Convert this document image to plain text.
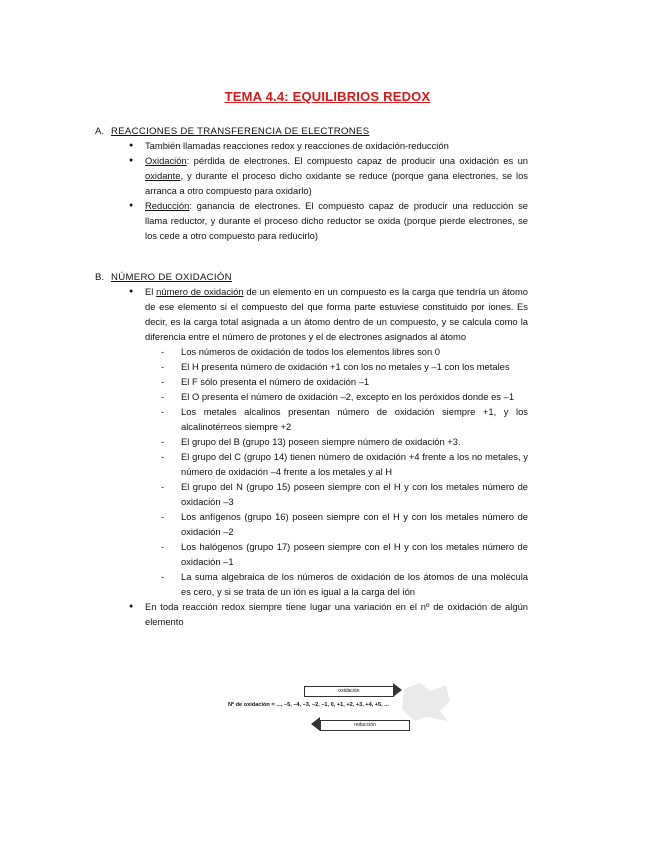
TEMA 4.4: EQUILIBRIOS REDOX
A. REACCIONES DE TRANSFERENCIA DE ELECTRONES
● También llamadas reacciones redox y reacciones de oxidación-reducción
● Oxidación: pérdida de electrones. El compuesto capaz de producir una oxidación es un oxidante, y durante el proceso dicho oxidante se reduce (porque gana electrones, se los arranca a otro compuesto para oxidarlo)
● Reducción: ganancia de electrones. El compuesto capaz de producir una reducción se llama reductor, y durante el proceso dicho reductor se oxida (porque pierde electrones, se los cede a otro compuesto para reducirlo)
B. NÚMERO DE OXIDACIÓN
● El número de oxidación de un elemento en un compuesto es la carga que tendría un átomo de ese elemento si el compuesto del que forma parte estuviese constituido por iones. Es decir, es la carga total asignada a un átomo dentro de un compuesto, y se calcula como la diferencia entre el número de protones y el de electrones asignados al átomo
- Los números de oxidación de todos los elementos libres son 0
- El H presenta número de oxidación +1 con los no metales y –1 con los metales
- El F sólo presenta el número de oxidación –1
- El O presenta el número de oxidación –2, excepto en los peróxidos donde es –1
- Los metales alcalinos presentan número de oxidación siempre +1, y los alcalinotérreos siempre +2
- El grupo del B (grupo 13) poseen siempre número de oxidación +3.
- El grupo del C (grupo 14) tienen número de oxidación +4 frente a los no metales, y número de oxidación –4 frente a los metales y al H
- El grupo del N (grupo 15) poseen siempre con el H y con los metales número de oxidación –3
- Los anfígenos (grupo 16) poseen siempre con el H y con los metales número de oxidación –2
- Los halógenos (grupo 17) poseen siempre con el H y con los metales número de oxidación –1
- La suma algebraica de los números de oxidación de los átomos de una molécula es cero, y si se trata de un ión es igual a la carga del ión
● En toda reacción redox siempre tiene lugar una variación en el nº de oxidación de algún elemento
oxidación
Nº de oxidación = ..., –5, –4, –3, –2, –1, 0, +1, +2, +3, +4, +5, ...
reducción
